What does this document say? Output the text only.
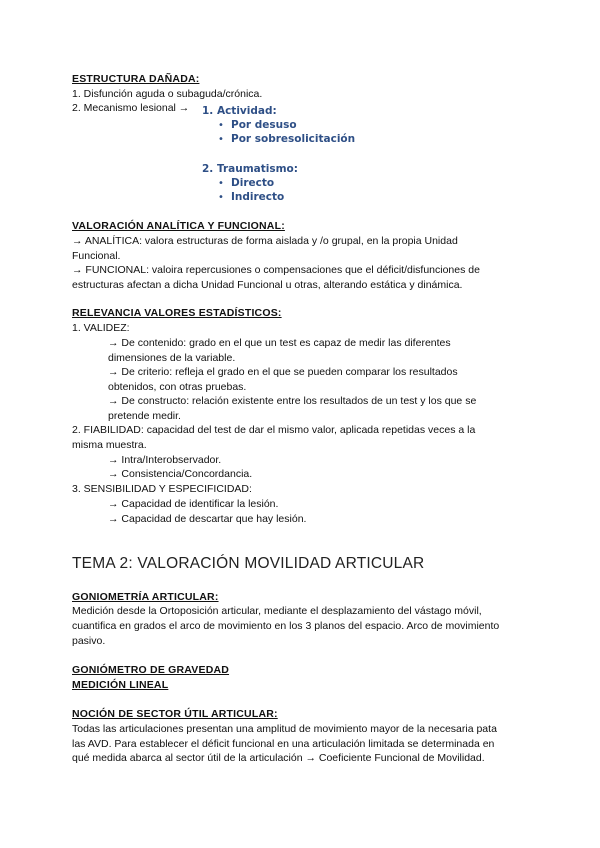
ESTRUCTURA DAÑADA:
1. Disfunción aguda o subaguda/crónica.
2. Mecanismo lesional → 1. Actividad:
• Por desuso
• Por sobresolicitación
2. Traumatismo:
• Directo
• Indirecto
VALORACIÓN ANALÍTICA Y FUNCIONAL:
→ ANALÍTICA: valora estructuras de forma aislada y /o grupal, en la propia Unidad
Funcional.
→ FUNCIONAL: valoira repercusiones o compensaciones que el déficit/disfunciones de
estructuras afectan a dicha Unidad Funcional u otras, alterando estática y dinámica.
RELEVANCIA VALORES ESTADÍSTICOS:
1. VALIDEZ:
→ De contenido: grado en el que un test es capaz de medir las diferentes
dimensiones de la variable.
→ De criterio: refleja el grado en el que se pueden comparar los resultados
obtenidos, con otras pruebas.
→ De constructo: relación existente entre los resultados de un test y los que se
pretende medir.
2. FIABILIDAD: capacidad del test de dar el mismo valor, aplicada repetidas veces a la
misma muestra.
→ Intra/Interobservador.
→ Consistencia/Concordancia.
3. SENSIBILIDAD Y ESPECIFICIDAD:
→ Capacidad de identificar la lesión.
→ Capacidad de descartar que hay lesión.
TEMA 2: VALORACIÓN MOVILIDAD ARTICULAR
GONIOMETRÍA ARTICULAR:
Medición desde la Ortoposición articular, mediante el desplazamiento del vástago móvil,
cuantifica en grados el arco de movimiento en los 3 planos del espacio. Arco de movimiento
pasivo.
GONIÓMETRO DE GRAVEDAD
MEDICIÓN LINEAL
NOCIÓN DE SECTOR ÚTIL ARTICULAR:
Todas las articulaciones presentan una amplitud de movimiento mayor de la necesaria pata
las AVD. Para establecer el déficit funcional en una articulación limitada se determinada en
qué medida abarca al sector útil de la articulación → Coeficiente Funcional de Movilidad.
